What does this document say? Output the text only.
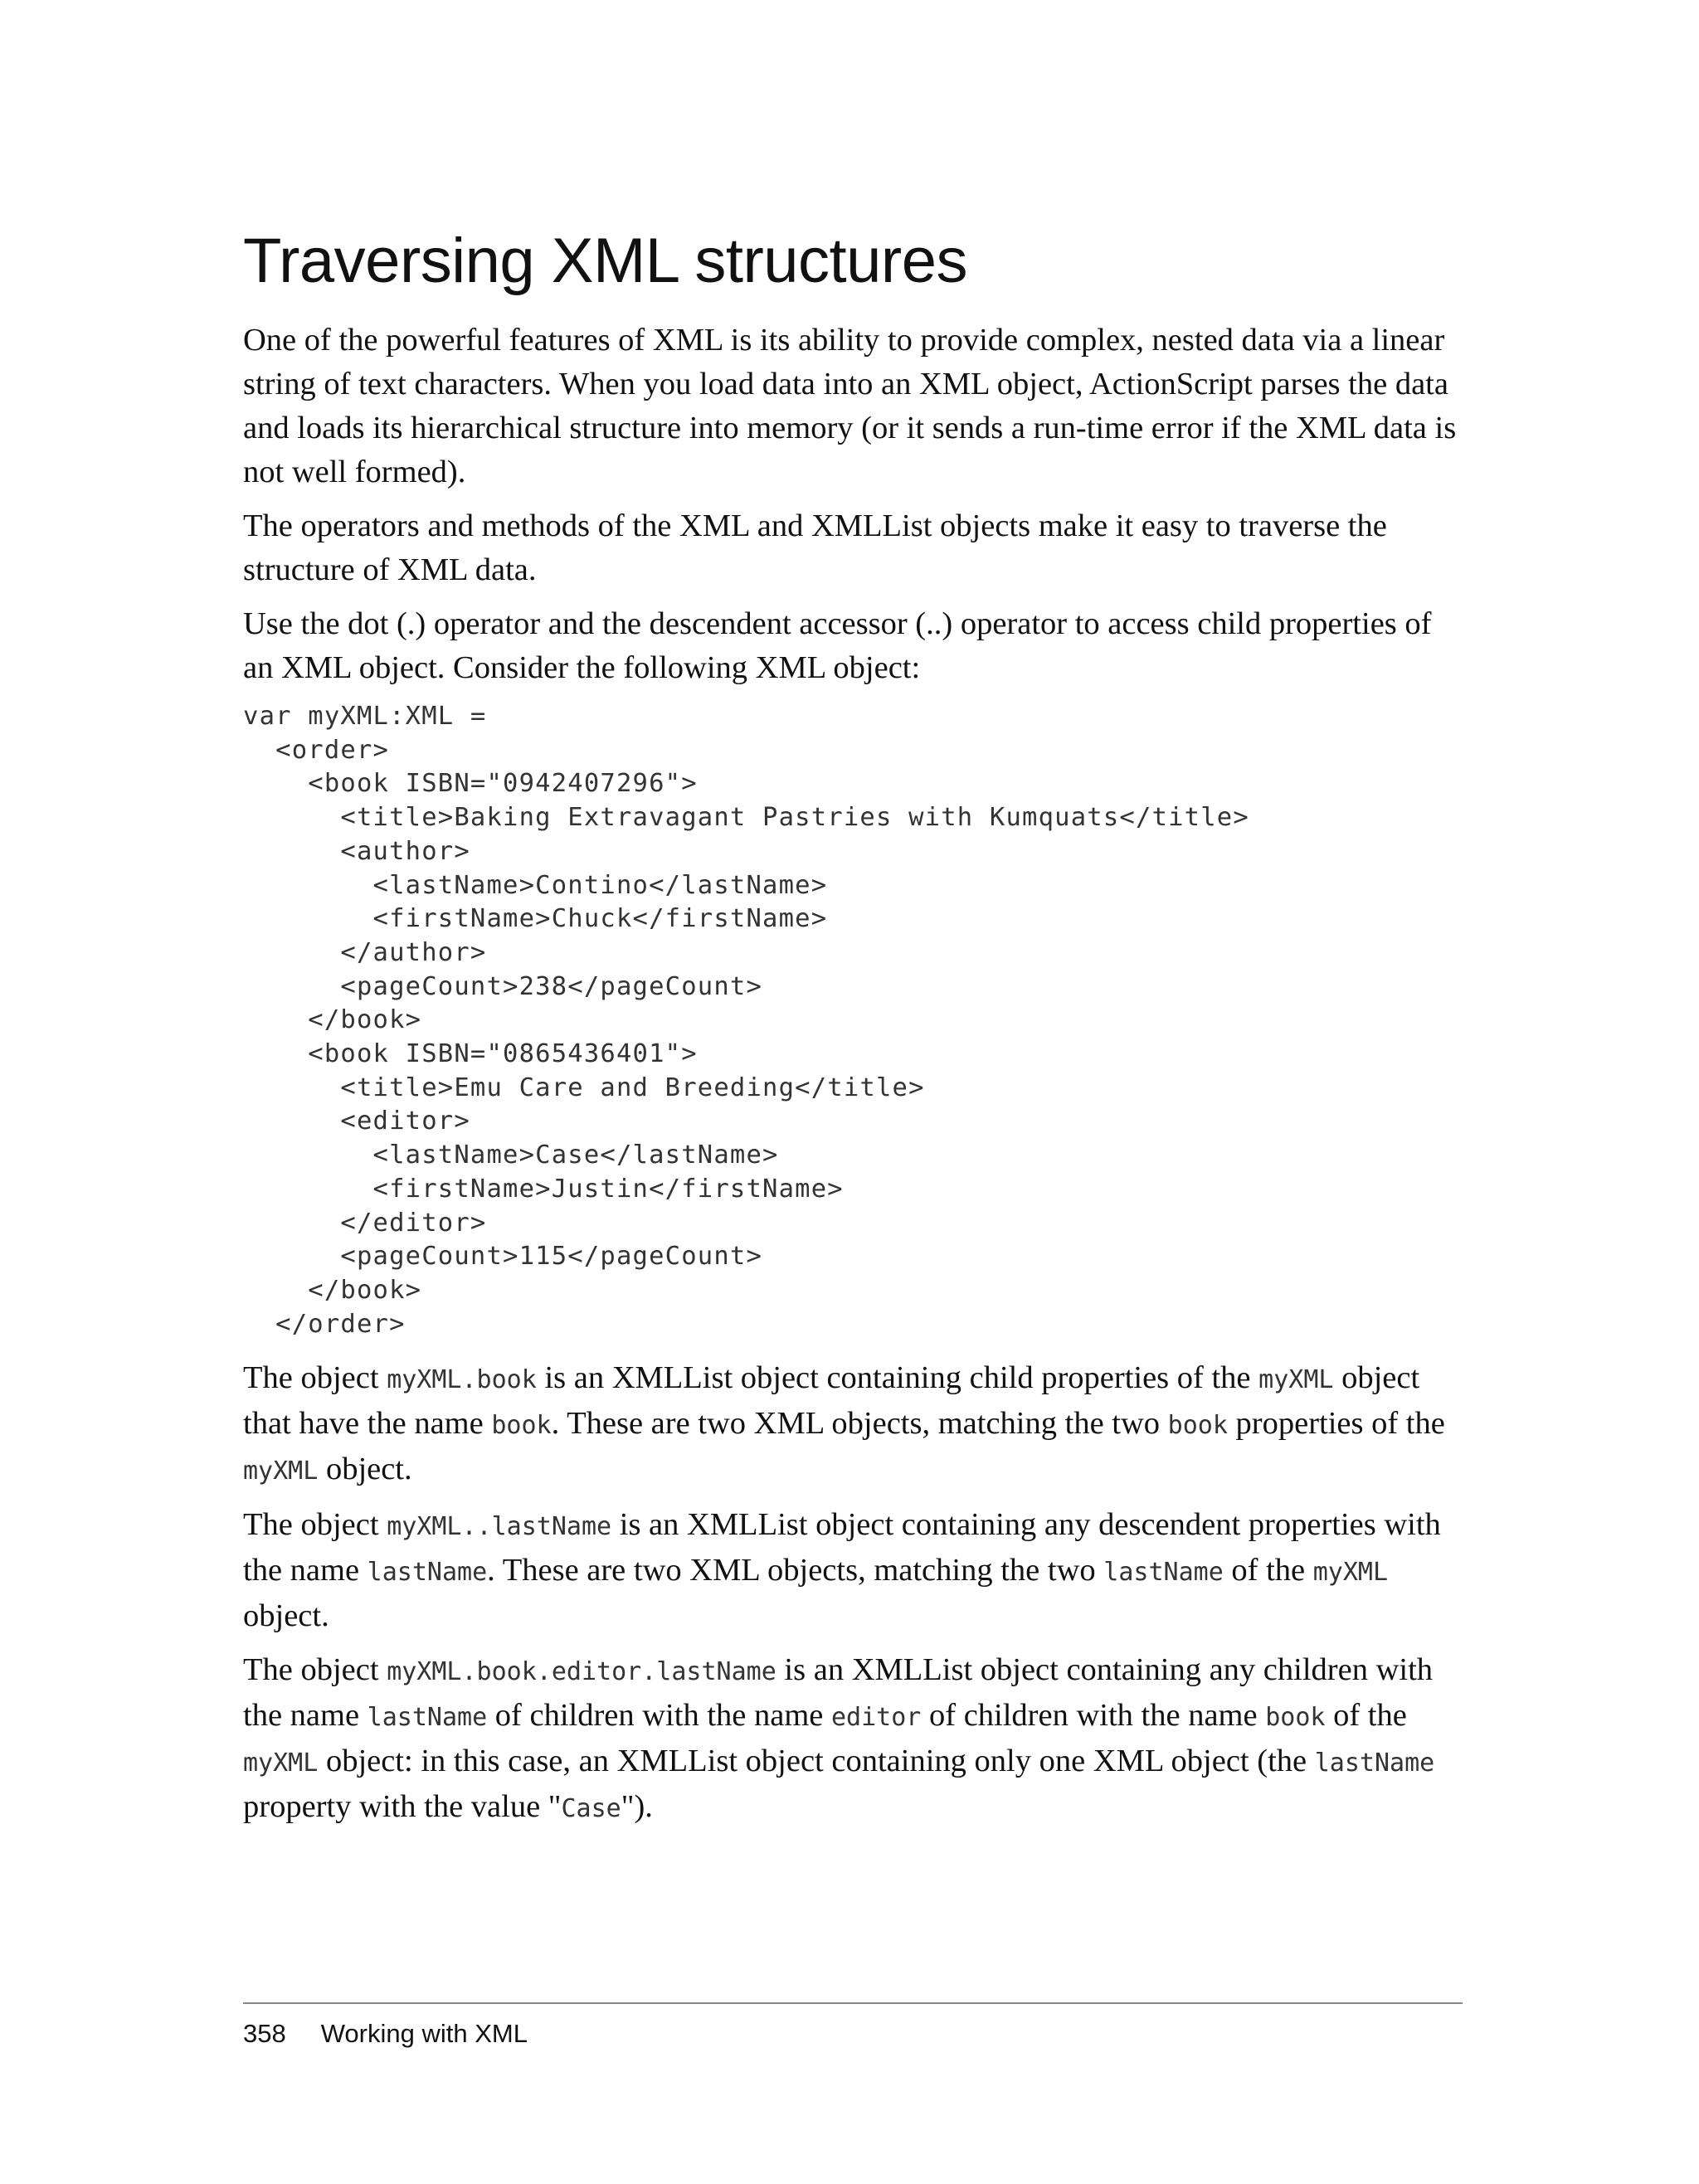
Traversing XML structures

One of the powerful features of XML is its ability to provide complex, nested data via a linear string of text characters. When you load data into an XML object, ActionScript parses the data and loads its hierarchical structure into memory (or it sends a run-time error if the XML data is not well formed).

The operators and methods of the XML and XMLList objects make it easy to traverse the structure of XML data.

Use the dot (.) operator and the descendent accessor (..) operator to access child properties of an XML object. Consider the following XML object:

var myXML:XML =
<order>
<book ISBN="0942407296">
<title>Baking Extravagant Pastries with Kumquats</title>
<author>
<lastName>Contino</lastName>
<firstName>Chuck</firstName>
</author>
<pageCount>238</pageCount>
</book>
<book ISBN="0865436401">
<title>Emu Care and Breeding</title>
<editor>
<lastName>Case</lastName>
<firstName>Justin</firstName>
</editor>
<pageCount>115</pageCount>
</book>
</order>

The object myXML.book is an XMLList object containing child properties of the myXML object that have the name book. These are two XML objects, matching the two book properties of the myXML object.

The object myXML..lastName is an XMLList object containing any descendent properties with the name lastName. These are two XML objects, matching the two lastName of the myXML object.

The object myXML.book.editor.lastName is an XMLList object containing any children with the name lastName of children with the name editor of children with the name book of the myXML object: in this case, an XMLList object containing only one XML object (the lastName property with the value "Case").

358 Working with XML
